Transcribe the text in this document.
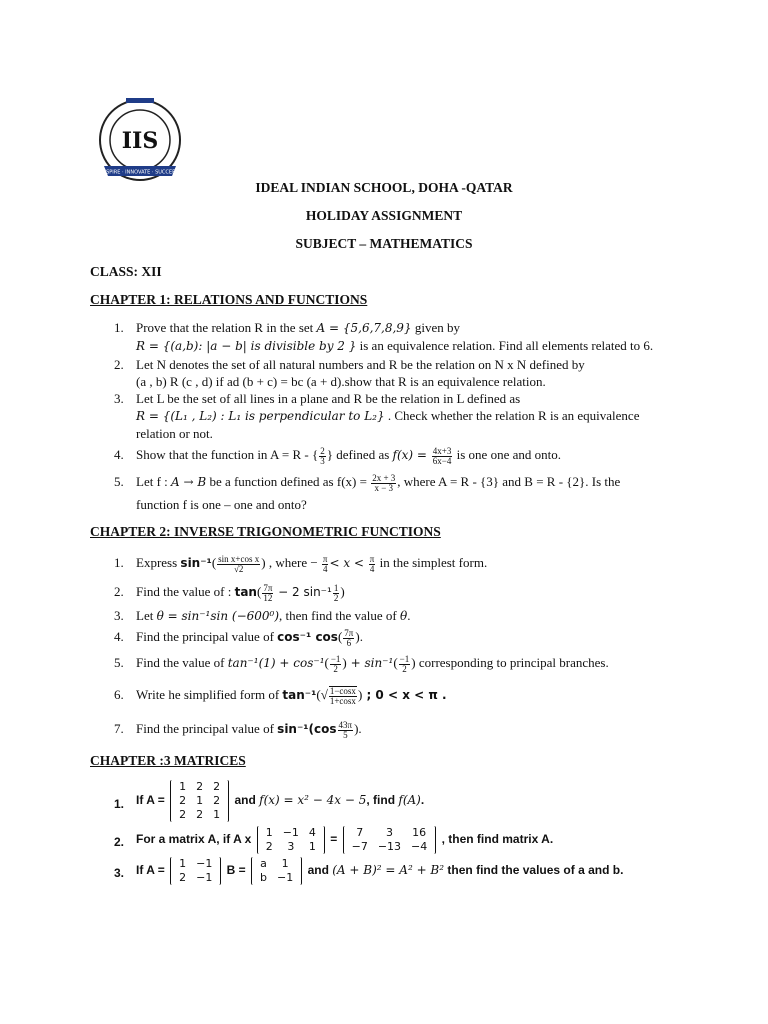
IIS
INSPIRE · INNOVATE · SUCCEED
IDEAL INDIAN SCHOOL, DOHA -QATAR
HOLIDAY ASSIGNMENT
SUBJECT – MATHEMATICS
CLASS: XII
CHAPTER 1: RELATIONS AND FUNCTIONS
1. Prove that the relation R in the set A = {5,6,7,8,9} given by
R = {(a,b): |a − b| is divisible by 2 } is an equivalence relation. Find all elements related to 6.
2. Let N denotes the set of all natural numbers and R be the relation on N x N defined by
(a , b) R (c , d) if ad (b + c) = bc (a + d).show that R is an equivalence relation.
3. Let L be the set of all lines in a plane and R be the relation in L defined as
R = {(L₁ , L₂) : L₁ is perpendicular to L₂} . Check whether the relation R is an equivalence
relation or not.
4. Show that the function in A = R - { $\frac{2}{3}$ } defined as $f(x) = \frac{4x+3}{6x-4}$ is one one and onto.
5. Let f : A → B be a function defined as $f(x) = \frac{2x + 3}{x - 3}$ , where A = R - {3} and B = R - {2}. Is the
function f is one – one and onto?
CHAPTER 2: INVERSE TRIGONOMETRIC FUNCTIONS
1. Express $\sin^{-1}( \frac{\text{sin x+cos x}}{√2}$ ) , where − $\frac{\pi}{4} < x < \frac{\pi}{4}$ in the simplest form.
2. Find the value of : $\tan( \frac{7\pi}{12} - 2$ $\sin^{-1} \frac{1}{2}$ )
3. Let θ = sin⁻¹sin (−600⁰), then find the value of θ.
4. Find the principal value of cos⁻¹ $\cos( \frac{7\pi}{6}$ ).
5. Find the value of $\tan^{-1}(1) + \cos^{-1}( \frac{-1}{2}$ ) + $\sin^{-1}( \frac{-1}{2}$ ) corresponding to principal branches.
6. Write he simplified form of $\tan^{-1}(√ \frac{1-\cos x}{1+\cos x}$ ) ; 0 < x < π .
7. Find the principal value of $\sin^{-1}(\cos \frac{43\pi}{5}$ ).
CHAPTER :3 MATRICES
1. If A =
1	2	2
2	1	2
2	2	1
and f(x) = x² − 4x − 5, find f(A).
2. For a matrix A, if A x 1	−1	4
2	3	1
= 7	3	16
−7	−13	−4
, then find matrix A.
3. If A = 1	−1
2	−1
B = a	1
b	−1
and (A + B)² = A² + B² then find the values of a and b.
